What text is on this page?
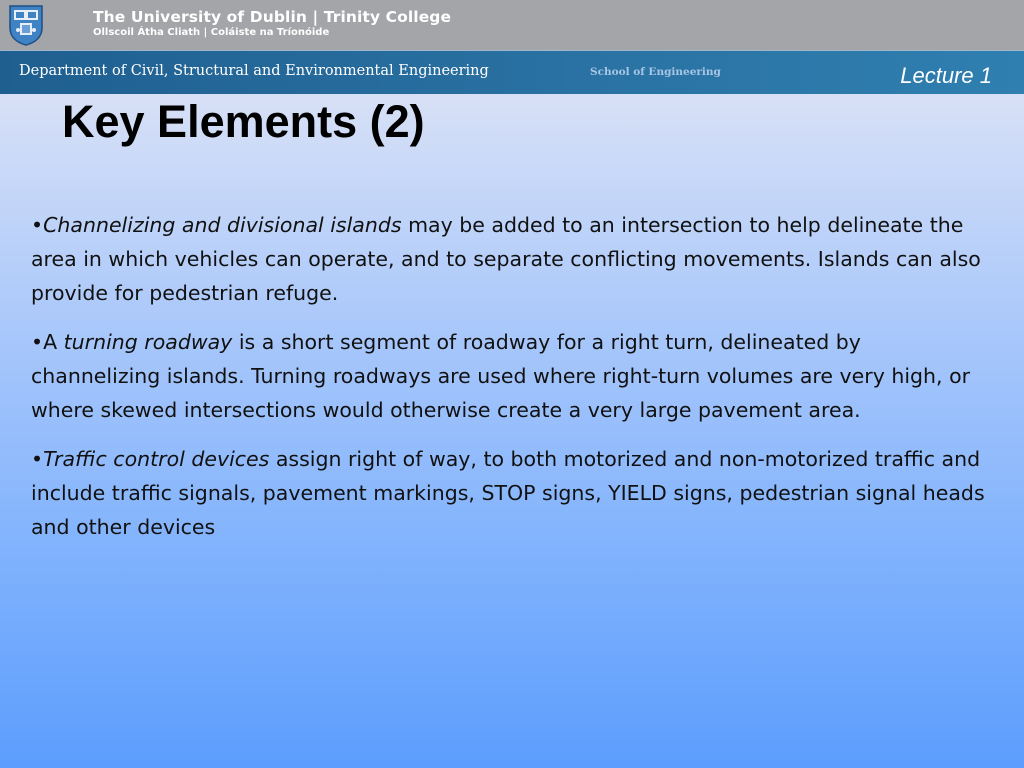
The University of Dublin | Trinity College
Ollscoil Átha Cliath | Coláiste na Tríonóide
Department of Civil, Structural and Environmental Engineering	School of Engineering	Lecture 1
Key Elements (2)

•Channelizing and divisional islands may be added to an intersection to help delineate the area in which vehicles can operate, and to separate conflicting movements. Islands can also provide for pedestrian refuge.

•A turning roadway is a short segment of roadway for a right turn, delineated by channelizing islands. Turning roadways are used where right-turn volumes are very high, or where skewed intersections would otherwise create a very large pavement area.

•Traffic control devices assign right of way, to both motorized and non-motorized traffic and include traffic signals, pavement markings, STOP signs, YIELD signs, pedestrian signal heads and other devices
